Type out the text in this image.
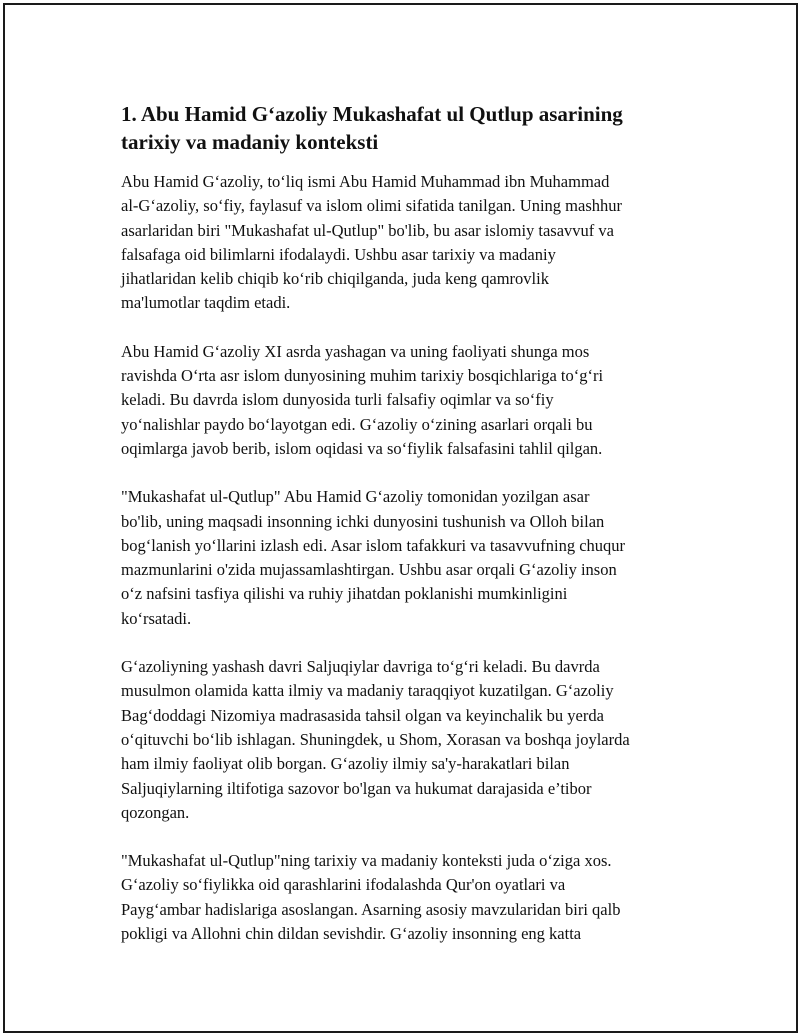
1. Abu Hamid G‘azoliy Mukashafat ul Qutlup asarining
tarixiy va madaniy konteksti
Abu Hamid G‘azoliy, to‘liq ismi Abu Hamid Muhammad ibn Muhammad
al-G‘azoliy, so‘fiy, faylasuf va islom olimi sifatida tanilgan. Uning mashhur
asarlaridan biri "Mukashafat ul-Qutlup" bo'lib, bu asar islomiy tasavvuf va
falsafaga oid bilimlarni ifodalaydi. Ushbu asar tarixiy va madaniy
jihatlaridan kelib chiqib ko‘rib chiqilganda, juda keng qamrovlik
ma'lumotlar taqdim etadi.
Abu Hamid G‘azoliy XI asrda yashagan va uning faoliyati shunga mos
ravishda O‘rta asr islom dunyosining muhim tarixiy bosqichlariga to‘g‘ri
keladi. Bu davrda islom dunyosida turli falsafiy oqimlar va so‘fiy
yo‘nalishlar paydo bo‘layotgan edi. G‘azoliy o‘zining asarlari orqali bu
oqimlarga javob berib, islom oqidasi va so‘fiylik falsafasini tahlil qilgan.
"Mukashafat ul-Qutlup" Abu Hamid G‘azoliy tomonidan yozilgan asar
bo'lib, uning maqsadi insonning ichki dunyosini tushunish va Olloh bilan
bog‘lanish yo‘llarini izlash edi. Asar islom tafakkuri va tasavvufning chuqur
mazmunlarini o'zida mujassamlashtirgan. Ushbu asar orqali G‘azoliy inson
o‘z nafsini tasfiya qilishi va ruhiy jihatdan poklanishi mumkinligini
ko‘rsatadi.
G‘azoliyning yashash davri Saljuqiylar davriga to‘g‘ri keladi. Bu davrda
musulmon olamida katta ilmiy va madaniy taraqqiyot kuzatilgan. G‘azoliy
Bag‘doddagi Nizomiya madrasasida tahsil olgan va keyinchalik bu yerda
o‘qituvchi bo‘lib ishlagan. Shuningdek, u Shom, Xorasan va boshqa joylarda
ham ilmiy faoliyat olib borgan. G‘azoliy ilmiy sa'y-harakatlari bilan
Saljuqiylarning iltifotiga sazovor bo'lgan va hukumat darajasida e’tibor
qozongan.
"Mukashafat ul-Qutlup"ning tarixiy va madaniy konteksti juda o‘ziga xos.
G‘azoliy so‘fiylikka oid qarashlarini ifodalashda Qur'on oyatlari va
Payg‘ambar hadislariga asoslangan. Asarning asosiy mavzularidan biri qalb
pokligi va Allohni chin dildan sevishdir. G‘azoliy insonning eng katta
